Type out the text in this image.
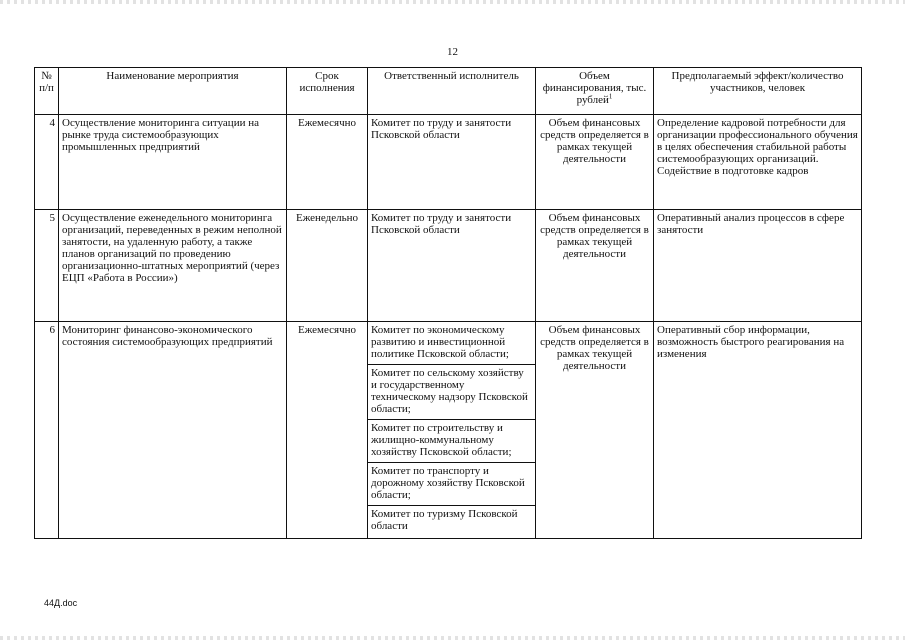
12
№ п/п	Наименование мероприятия	Срок исполнения	Ответственный исполнитель	Объем финансирования, тыс. рублей$^1$	Предполагаемый эффект/количество участников, человек
4	Осуществление мониторинга ситуации на рынке труда системообразующих промышленных предприятий	Ежемесячно	Комитет по труду и занятости Псковской области	Объем финансовых средств определяется в рамках текущей деятельности	Определение кадровой потребности для организации профессионального обучения в целях обеспечения стабильной работы системообразующих организаций. Содействие в подготовке кадров
5	Осуществление еженедельного мониторинга организаций, переведенных в режим неполной занятости, на удаленную работу, а также планов организаций по проведению организационно-штатных мероприятий (через ЕЦП «Работа в России»)	Еженедельно	Комитет по труду и занятости Псковской области	Объем финансовых средств определяется в рамках текущей деятельности	Оперативный анализ процессов в сфере занятости
6	Мониторинг финансово-экономического состояния системообразующих предприятий	Ежемесячно	Комитет по экономическому развитию и инвестиционной политике Псковской области;
Комитет по сельскому хозяйству и государственному техническому надзору Псковской области;
Комитет по строительству и жилищно-коммунальному хозяйству Псковской области;
Комитет по транспорту и дорожному хозяйству Псковской области;
Комитет по туризму Псковской области	Объем финансовых средств определяется в рамках текущей деятельности	Оперативный сбор информации, возможность быстрого реагирования на изменения
44Д.doc
